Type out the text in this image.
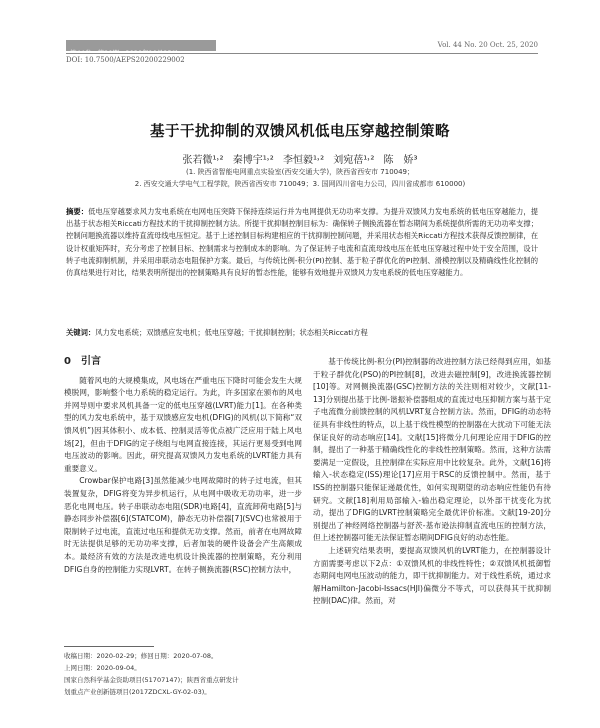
第44卷　第20期　2020年10月25日
Vol. 44 No. 20 Oct. 25, 2020
DOI: 10.7500/AEPS20200229002
基于干扰抑制的双馈风机低电压穿越控制策略
张若微¹˒² 秦博宇¹˒² 李恒毅¹˒² 刘宛蓓¹˒² 陈　娇³
(1. 陕西省智能电网重点实验室(西安交通大学)，陕西省西安市 710049；
2. 西安交通大学电气工程学院，陕西省西安市 710049；3. 国网四川省电力公司，四川省成都市 610000)
摘要：低电压穿越要求风力发电系统在电网电压突降下保持连续运行并为电网提供无功功率支撑。为提升双馈风力发电系统的低电压穿越能力，提出基于状态相关Riccati方程技术的干扰抑制控制方法。所提干扰抑制控制目标为：确保转子侧换流器在暂态期间为系统提供所需的无功功率支撑；控制问题换流器以维持直流母线电压恒定。基于上述控制目标构建相应的干扰抑制控制问题，并采用状态相关Riccati方程技术获得反馈控制律，在设计权重矩阵时，充分考虑了控制目标、控制需求与控制成本的影响。为了保证转子电流和直流母线电压在低电压穿越过程中处于安全范围，设计转子电流抑制机制，并采用串联动态电阻保护方案。最后，与传统比例-积分(PI)控制、基于粒子群优化的PI控制、滑模控制以及精确线性化控制的仿真结果进行对比，结果表明所提出的控制策略具有良好的暂态性能，能够有效地提升双馈风力发电系统的低电压穿越能力。
关键词：风力发电系统；双馈感应发电机；低电压穿越；干扰抑制控制；状态相关Riccati方程
0　引言

随着风电的大规模集成，风电场在严重电压下降时可能会发生大规模脱网，影响整个电力系统的稳定运行。为此，许多国家在颁布的风电并网导则中要求风机具备一定的低电压穿越(LVRT)能力[1]。在各种类型的风力发电系统中，基于双馈感应发电机(DFIG)的风机(以下简称“双馈风机”)因其体积小、成本低、控制灵活等优点被广泛应用于陆上风电场[2]，但由于DFIG的定子绕组与电网直接连接，其运行更易受到电网电压波动的影响。因此，研究提高双馈风力发电系统的LVRT能力具有重要意义。

Crowbar保护电路[3]虽然能减少电网故障时的转子过电流，但其装置复杂，DFIG将变为异步机运行，从电网中吸收无功功率，进一步恶化电网电压。转子串联动态电阻(SDR)电路[4]，直流卸荷电路[5]与静态同步补偿器[6](STATCOM)，静态无功补偿器[7](SVC)也常被用于限制转子过电流，直流过电压和提供无功支撑。然而，前者在电网故障时无法提供足够的无功功率支撑，后者加装的硬件设备会产生高额成本。最经济有效的方法是改进电机设计换流器的控制策略，充分利用DFIG自身的控制能力实现LVRT。在转子侧换流器(RSC)控制方法中，

基于传统比例-积分(PI)控制器的改进控制方法已经得到应用，如基于粒子群优化(PSO)的PI控制[8]，改进去磁控制[9]，改进换流器控制[10]等。对网侧换流器(GSC)控制方法的关注则相对较少，文献[11-13]分别提出基于比例-谐振补偿器组成的直流过电压抑制方案与基于定子电流微分前馈控制的风机LVRT复合控制方法。然而，DFIG的动态特征具有非线性的特点，以上基于线性模型的控制器在大扰动下可能无法保证良好的动态响应[14]。文献[15]将微分几何理论应用于DFIG的控制，提出了一种基于精确线性化的非线性控制策略。然而，这种方法需要满足一定假设，且控制律在实际应用中比较复杂。此外，文献[16]将输入-状态稳定(ISS)理论[17]应用于RSC的反馈控制中。然而，基于ISS的控制器只能保证递最优性，如何实现期望的动态响应性能仍有待研究。文献[18]利用局部输入-输出稳定理论，以外部干扰变化为扰动，提出了DFIG的LVRT控制策略完全最优评价标准。文献[19-20]分别提出了神经网络控制器与舒茨-基布逊法抑制直流电压的控制方法，但上述控制器可能无法保证暂态期间DFIG良好的动态性能。

上述研究结果表明，要提高双馈风机的LVRT能力，在控制器设计方面需要考虑以下2点：①双馈风机的非线性特性；②双馈风机抵御暂态期间电网电压波动的能力，即干扰抑制能力。对于线性系统，通过求解Hamilton-Jacobi-Issacs(HJI)偏微分不等式，可以获得其干扰抑制控制(DAC)律。然而，对

收稿日期：2020-02-29；修回日期：2020-07-08。
上网日期：2020-09-04。
国家自然科学基金资助项目(51707147)；陕西省重点研发计
划重点产业创新链项目(2017ZDCXL-GY-02-03)。
